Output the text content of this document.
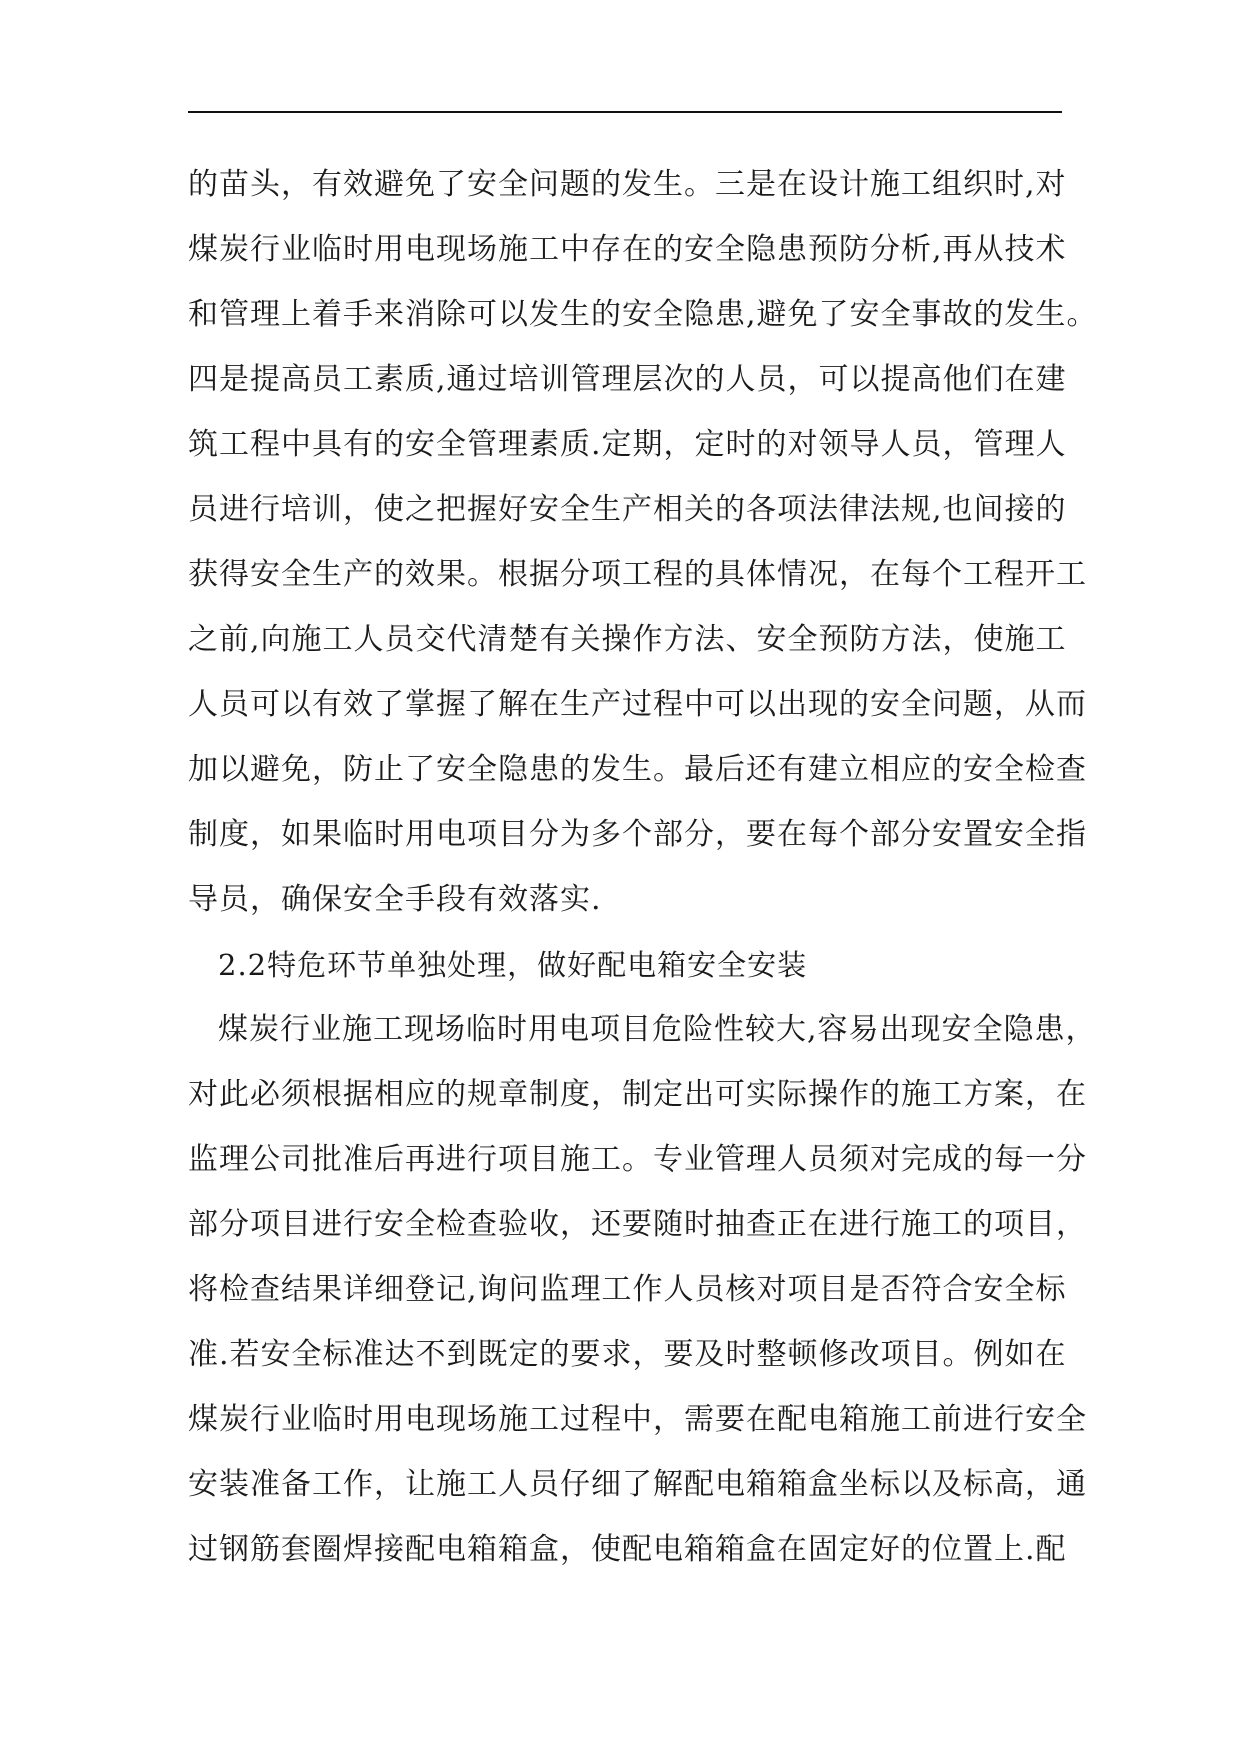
的苗头，有效避免了安全问题的发生。三是在设计施工组织时,对
煤炭行业临时用电现场施工中存在的安全隐患预防分析,再从技术
和管理上着手来消除可以发生的安全隐患,避免了安全事故的发生。
四是提高员工素质,通过培训管理层次的人员，可以提高他们在建
筑工程中具有的安全管理素质.定期，定时的对领导人员，管理人
员进行培训，使之把握好安全生产相关的各项法律法规,也间接的
获得安全生产的效果。根据分项工程的具体情况，在每个工程开工
之前,向施工人员交代清楚有关操作方法、安全预防方法，使施工
人员可以有效了掌握了解在生产过程中可以出现的安全问题，从而
加以避免，防止了安全隐患的发生。最后还有建立相应的安全检查
制度，如果临时用电项目分为多个部分，要在每个部分安置安全指
导员，确保安全手段有效落实.
2.2特危环节单独处理，做好配电箱安全安装
煤炭行业施工现场临时用电项目危险性较大,容易出现安全隐患，
对此必须根据相应的规章制度，制定出可实际操作的施工方案，在
监理公司批准后再进行项目施工。专业管理人员须对完成的每一分
部分项目进行安全检查验收，还要随时抽查正在进行施工的项目，
将检查结果详细登记,询问监理工作人员核对项目是否符合安全标
准.若安全标准达不到既定的要求，要及时整顿修改项目。例如在
煤炭行业临时用电现场施工过程中，需要在配电箱施工前进行安全
安装准备工作，让施工人员仔细了解配电箱箱盒坐标以及标高，通
过钢筋套圈焊接配电箱箱盒，使配电箱箱盒在固定好的位置上.配
